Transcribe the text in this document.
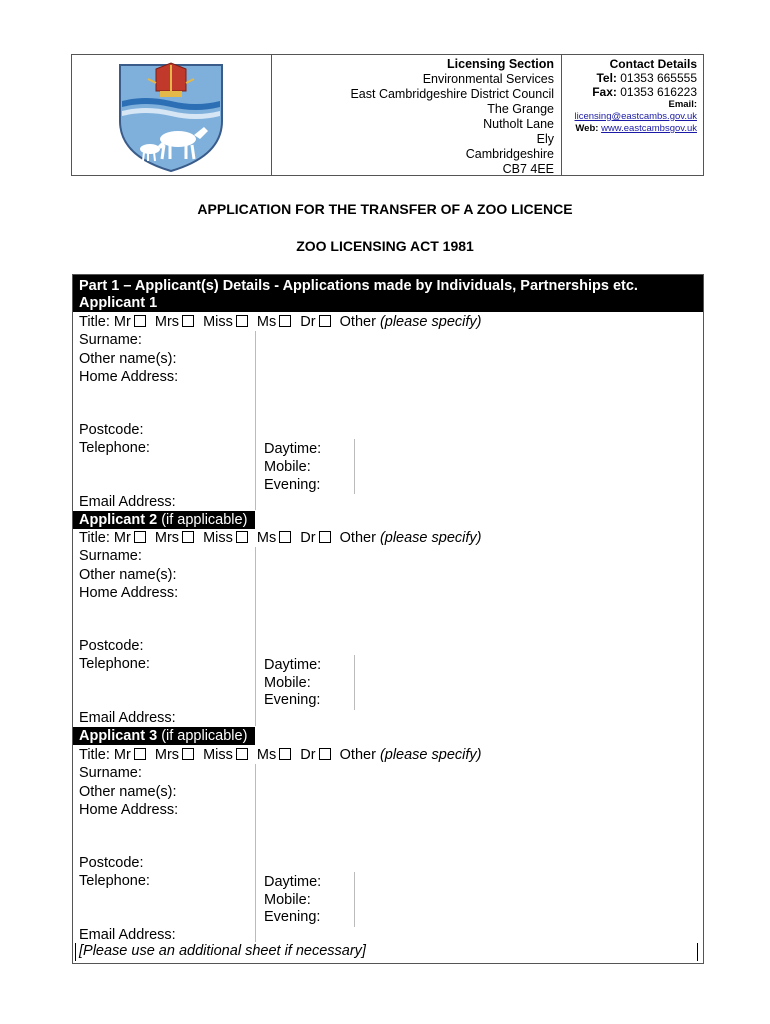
Licensing Section
Environmental Services
East Cambridgeshire District Council
The Grange
Nutholt Lane
Ely
Cambridgeshire
CB7 4EE
Contact Details
Tel: 01353 665555
Fax: 01353 616223
Email: licensing@eastcambs.gov.uk
Web: www.eastcambsgov.uk
APPLICATION FOR THE TRANSFER OF A ZOO LICENCE
ZOO LICENSING ACT 1981
Part 1 – Applicant(s) Details - Applications made by Individuals, Partnerships etc.
Applicant 1
Title: Mr Mrs Miss Ms Dr Other (please specify)
Surname:
Other name(s):
Home Address:
Postcode:
Telephone:	Daytime:
Mobile:
Evening:
Email Address:
Applicant 2 (if applicable)
Title: Mr Mrs Miss Ms Dr Other (please specify)
Surname:
Other name(s):
Home Address:
Postcode:
Telephone:	Daytime:
Mobile:
Evening:
Email Address:
Applicant 3 (if applicable)
Title: Mr Mrs Miss Ms Dr Other (please specify)
Surname:
Other name(s):
Home Address:
Postcode:
Telephone:	Daytime:
Mobile:
Evening:
Email Address:
[Please use an additional sheet if necessary]
